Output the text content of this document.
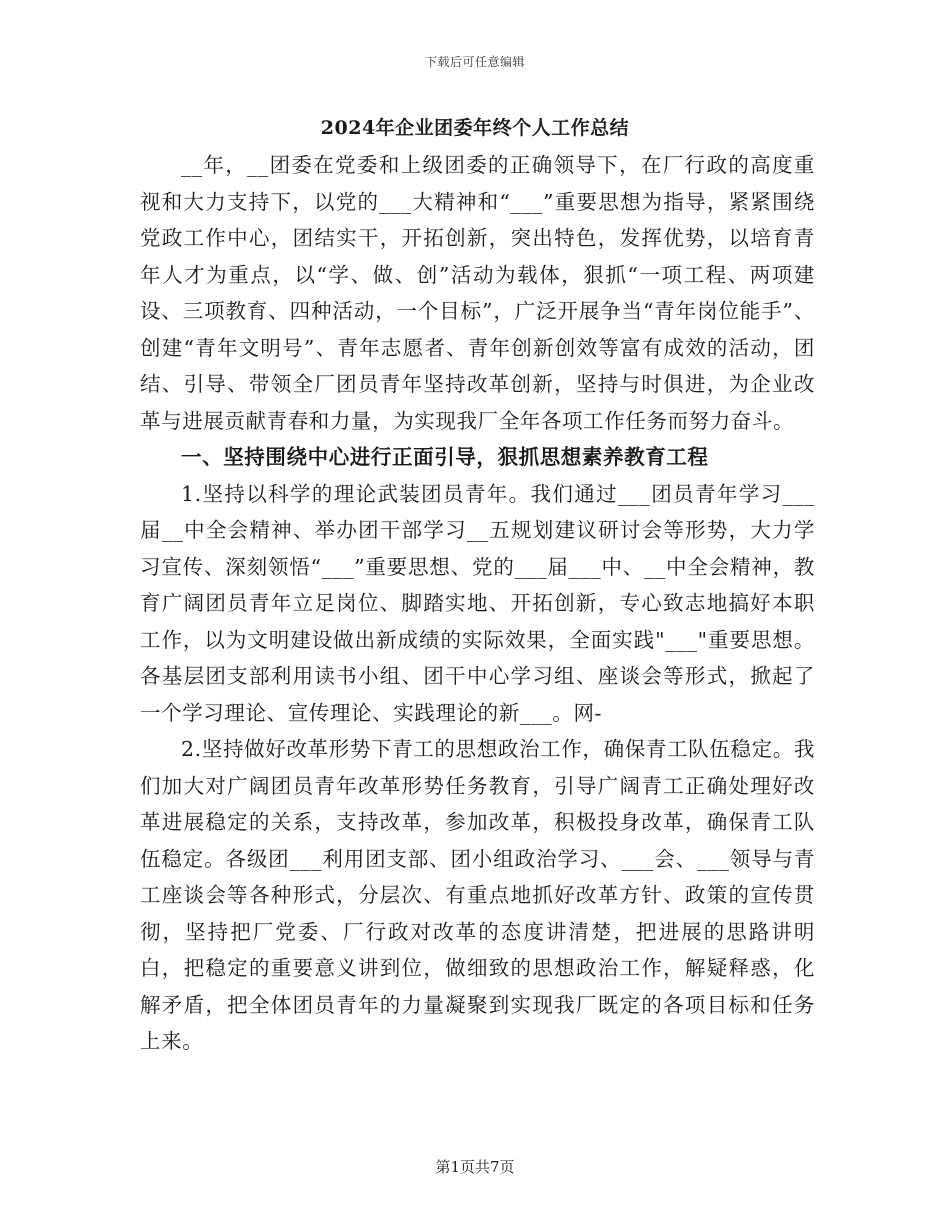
下载后可任意编辑
2024年企业团委年终个人工作总结

__年，__团委在党委和上级团委的正确领导下，在厂行政的高度重视和大力支持下，以党的___大精神和“___”重要思想为指导，紧紧围绕党政工作中心，团结实干，开拓创新，突出特色，发挥优势，以培育青年人才为重点，以“学、做、创”活动为载体，狠抓“一项工程、两项建设、三项教育、四种活动，一个目标”，广泛开展争当“青年岗位能手”、创建“青年文明号”、青年志愿者、青年创新创效等富有成效的活动，团结、引导、带领全厂团员青年坚持改革创新，坚持与时俱进，为企业改革与进展贡献青春和力量，为实现我厂全年各项工作任务而努力奋斗。

一、坚持围绕中心进行正面引导，狠抓思想素养教育工程

1.坚持以科学的理论武装团员青年。我们通过___团员青年学习___届__中全会精神、举办团干部学习__五规划建议研讨会等形势，大力学习宣传、深刻领悟“___”重要思想、党的___届___中、__中全会精神，教育广阔团员青年立足岗位、脚踏实地、开拓创新，专心致志地搞好本职工作，以为文明建设做出新成绩的实际效果，全面实践"___"重要思想。各基层团支部利用读书小组、团干中心学习组、座谈会等形式，掀起了一个学习理论、宣传理论、实践理论的新___。网-

2.坚持做好改革形势下青工的思想政治工作，确保青工队伍稳定。我们加大对广阔团员青年改革形势任务教育，引导广阔青工正确处理好改革进展稳定的关系，支持改革，参加改革，积极投身改革，确保青工队伍稳定。各级团___利用团支部、团小组政治学习、___会、___领导与青工座谈会等各种形式，分层次、有重点地抓好改革方针、政策的宣传贯彻，坚持把厂党委、厂行政对改革的态度讲清楚，把进展的思路讲明白，把稳定的重要意义讲到位，做细致的思想政治工作，解疑释惑，化解矛盾，把全体团员青年的力量凝聚到实现我厂既定的各项目标和任务上来。

第1页共7页
